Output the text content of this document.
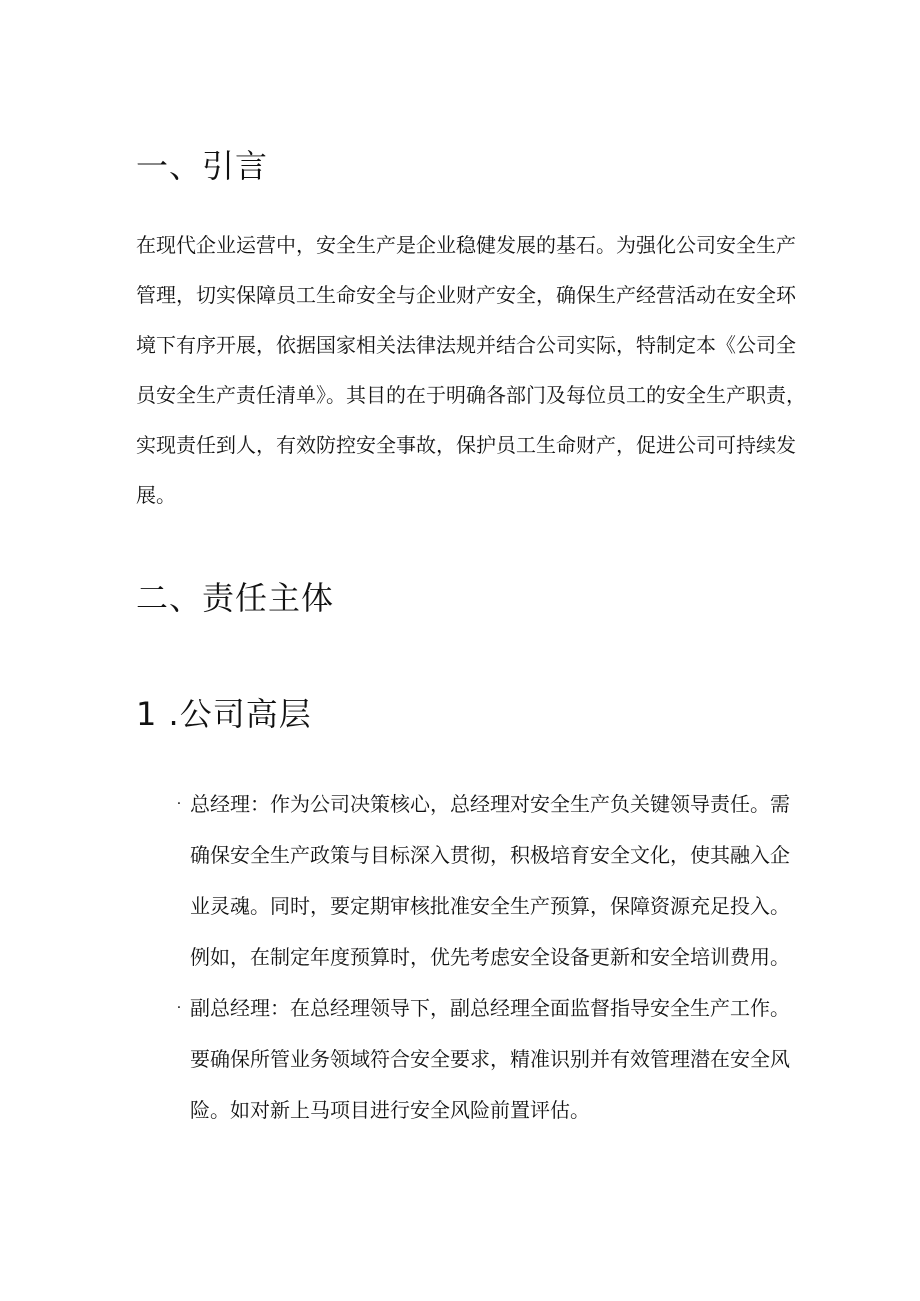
一、引言

在现代企业运营中，安全生产是企业稳健发展的基石。为强化公司安全生产
管理，切实保障员工生命安全与企业财产安全，确保生产经营活动在安全环
境下有序开展，依据国家相关法律法规并结合公司实际，特制定本《公司全
员安全生产责任清单》。其目的在于明确各部门及每位员工的安全生产职责，
实现责任到人，有效防控安全事故，保护员工生命财产，促进公司可持续发
展。

二、责任主体
1 .公司高层
· 总经理：作为公司决策核心，总经理对安全生产负关键领导责任。需
确保安全生产政策与目标深入贯彻，积极培育安全文化，使其融入企
业灵魂。同时，要定期审核批准安全生产预算，保障资源充足投入。
例如，在制定年度预算时，优先考虑安全设备更新和安全培训费用。
· 副总经理：在总经理领导下，副总经理全面监督指导安全生产工作。
要确保所管业务领域符合安全要求，精准识别并有效管理潜在安全风
险。如对新上马项目进行安全风险前置评估。
